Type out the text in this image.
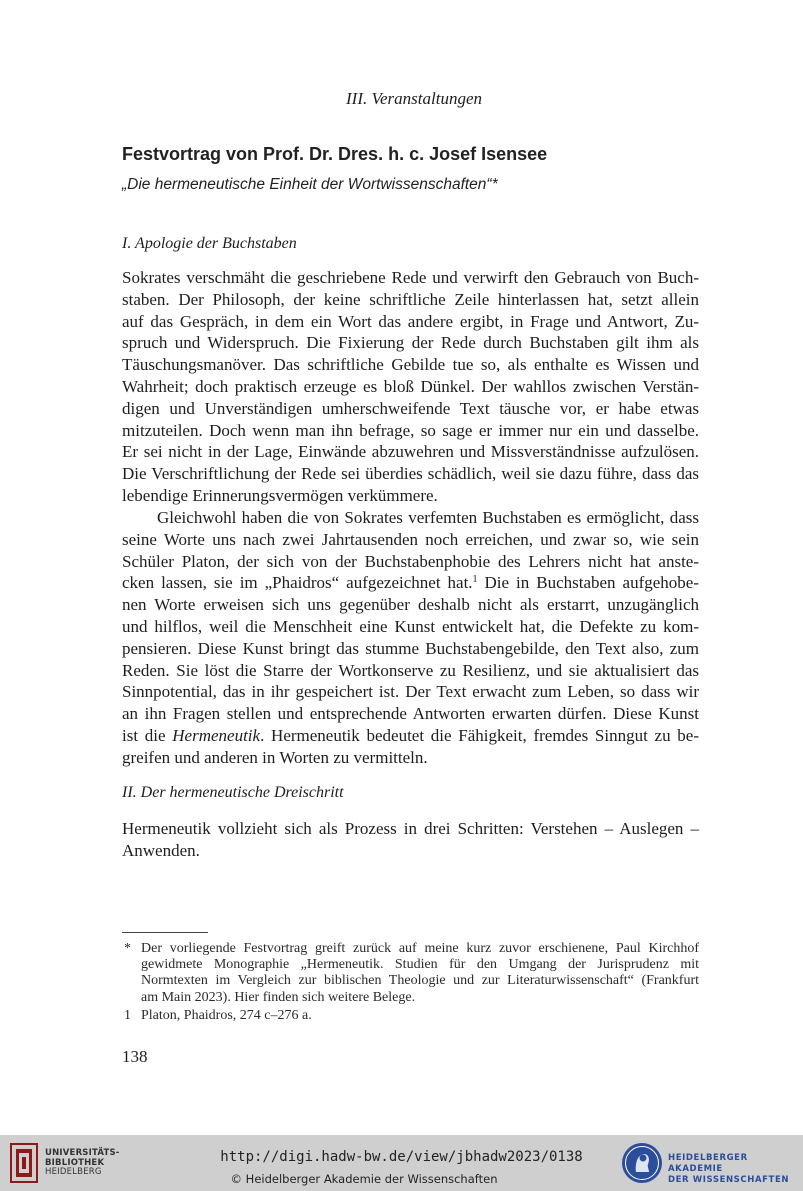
III. Veranstaltungen
Festvortrag von Prof. Dr. Dres. h. c. Josef Isensee
„Die hermeneutische Einheit der Wortwissenschaften“*
I. Apologie der Buchstaben
Sokrates verschmäht die geschriebene Rede und verwirft den Gebrauch von Buch-
staben. Der Philosoph, der keine schriftliche Zeile hinterlassen hat, setzt allein
auf das Gespräch, in dem ein Wort das andere ergibt, in Frage und Antwort, Zu-
spruch und Widerspruch. Die Fixierung der Rede durch Buchstaben gilt ihm als
Täuschungsmanöver. Das schriftliche Gebilde tue so, als enthalte es Wissen und
Wahrheit; doch praktisch erzeuge es bloß Dünkel. Der wahllos zwischen Verstän-
digen und Unverständigen umherschweifende Text täusche vor, er habe etwas
mitzuteilen. Doch wenn man ihn befrage, so sage er immer nur ein und dasselbe.
Er sei nicht in der Lage, Einwände abzuwehren und Missverständnisse aufzulösen.
Die Verschriftlichung der Rede sei überdies schädlich, weil sie dazu führe, dass das
lebendige Erinnerungsvermögen verkümmere.
Gleichwohl haben die von Sokrates verfemten Buchstaben es ermöglicht, dass
seine Worte uns nach zwei Jahrtausenden noch erreichen, und zwar so, wie sein
Schüler Platon, der sich von der Buchstabenphobie des Lehrers nicht hat anste-
cken lassen, sie im „Phaidros“ aufgezeichnet hat.$^1$ Die in Buchstaben aufgehobe-
nen Worte erweisen sich uns gegenüber deshalb nicht als erstarrt, unzugänglich
und hilflos, weil die Menschheit eine Kunst entwickelt hat, die Defekte zu kom-
pensieren. Diese Kunst bringt das stumme Buchstabengebilde, den Text also, zum
Reden. Sie löst die Starre der Wortkonserve zu Resilienz, und sie aktualisiert das
Sinnpotential, das in ihr gespeichert ist. Der Text erwacht zum Leben, so dass wir
an ihn Fragen stellen und entsprechende Antworten erwarten dürfen. Diese Kunst
ist die Hermeneutik. Hermeneutik bedeutet die Fähigkeit, fremdes Sinngut zu be-
greifen und anderen in Worten zu vermitteln.
II. Der hermeneutische Dreischritt
Hermeneutik vollzieht sich als Prozess in drei Schritten: Verstehen – Auslegen –
Anwenden.
* Der vorliegende Festvortrag greift zurück auf meine kurz zuvor erschienene, Paul Kirchhof
gewidmete Monographie „Hermeneutik. Studien für den Umgang der Jurisprudenz mit
Normtexten im Vergleich zur biblischen Theologie und zur Literaturwissenschaft“ (Frankfurt
am Main 2023). Hier finden sich weitere Belege.
1 Platon, Phaidros, 274 c–276 a.
138
UNIVERSITÄTS-
BIBLIOTHEK
HEIDELBERG
http://digi.hadw-bw.de/view/jbhadw2023/0138
© Heidelberger Akademie der Wissenschaften
HEIDELBERGER AKADEMIE
DER WISSENSCHAFTEN
